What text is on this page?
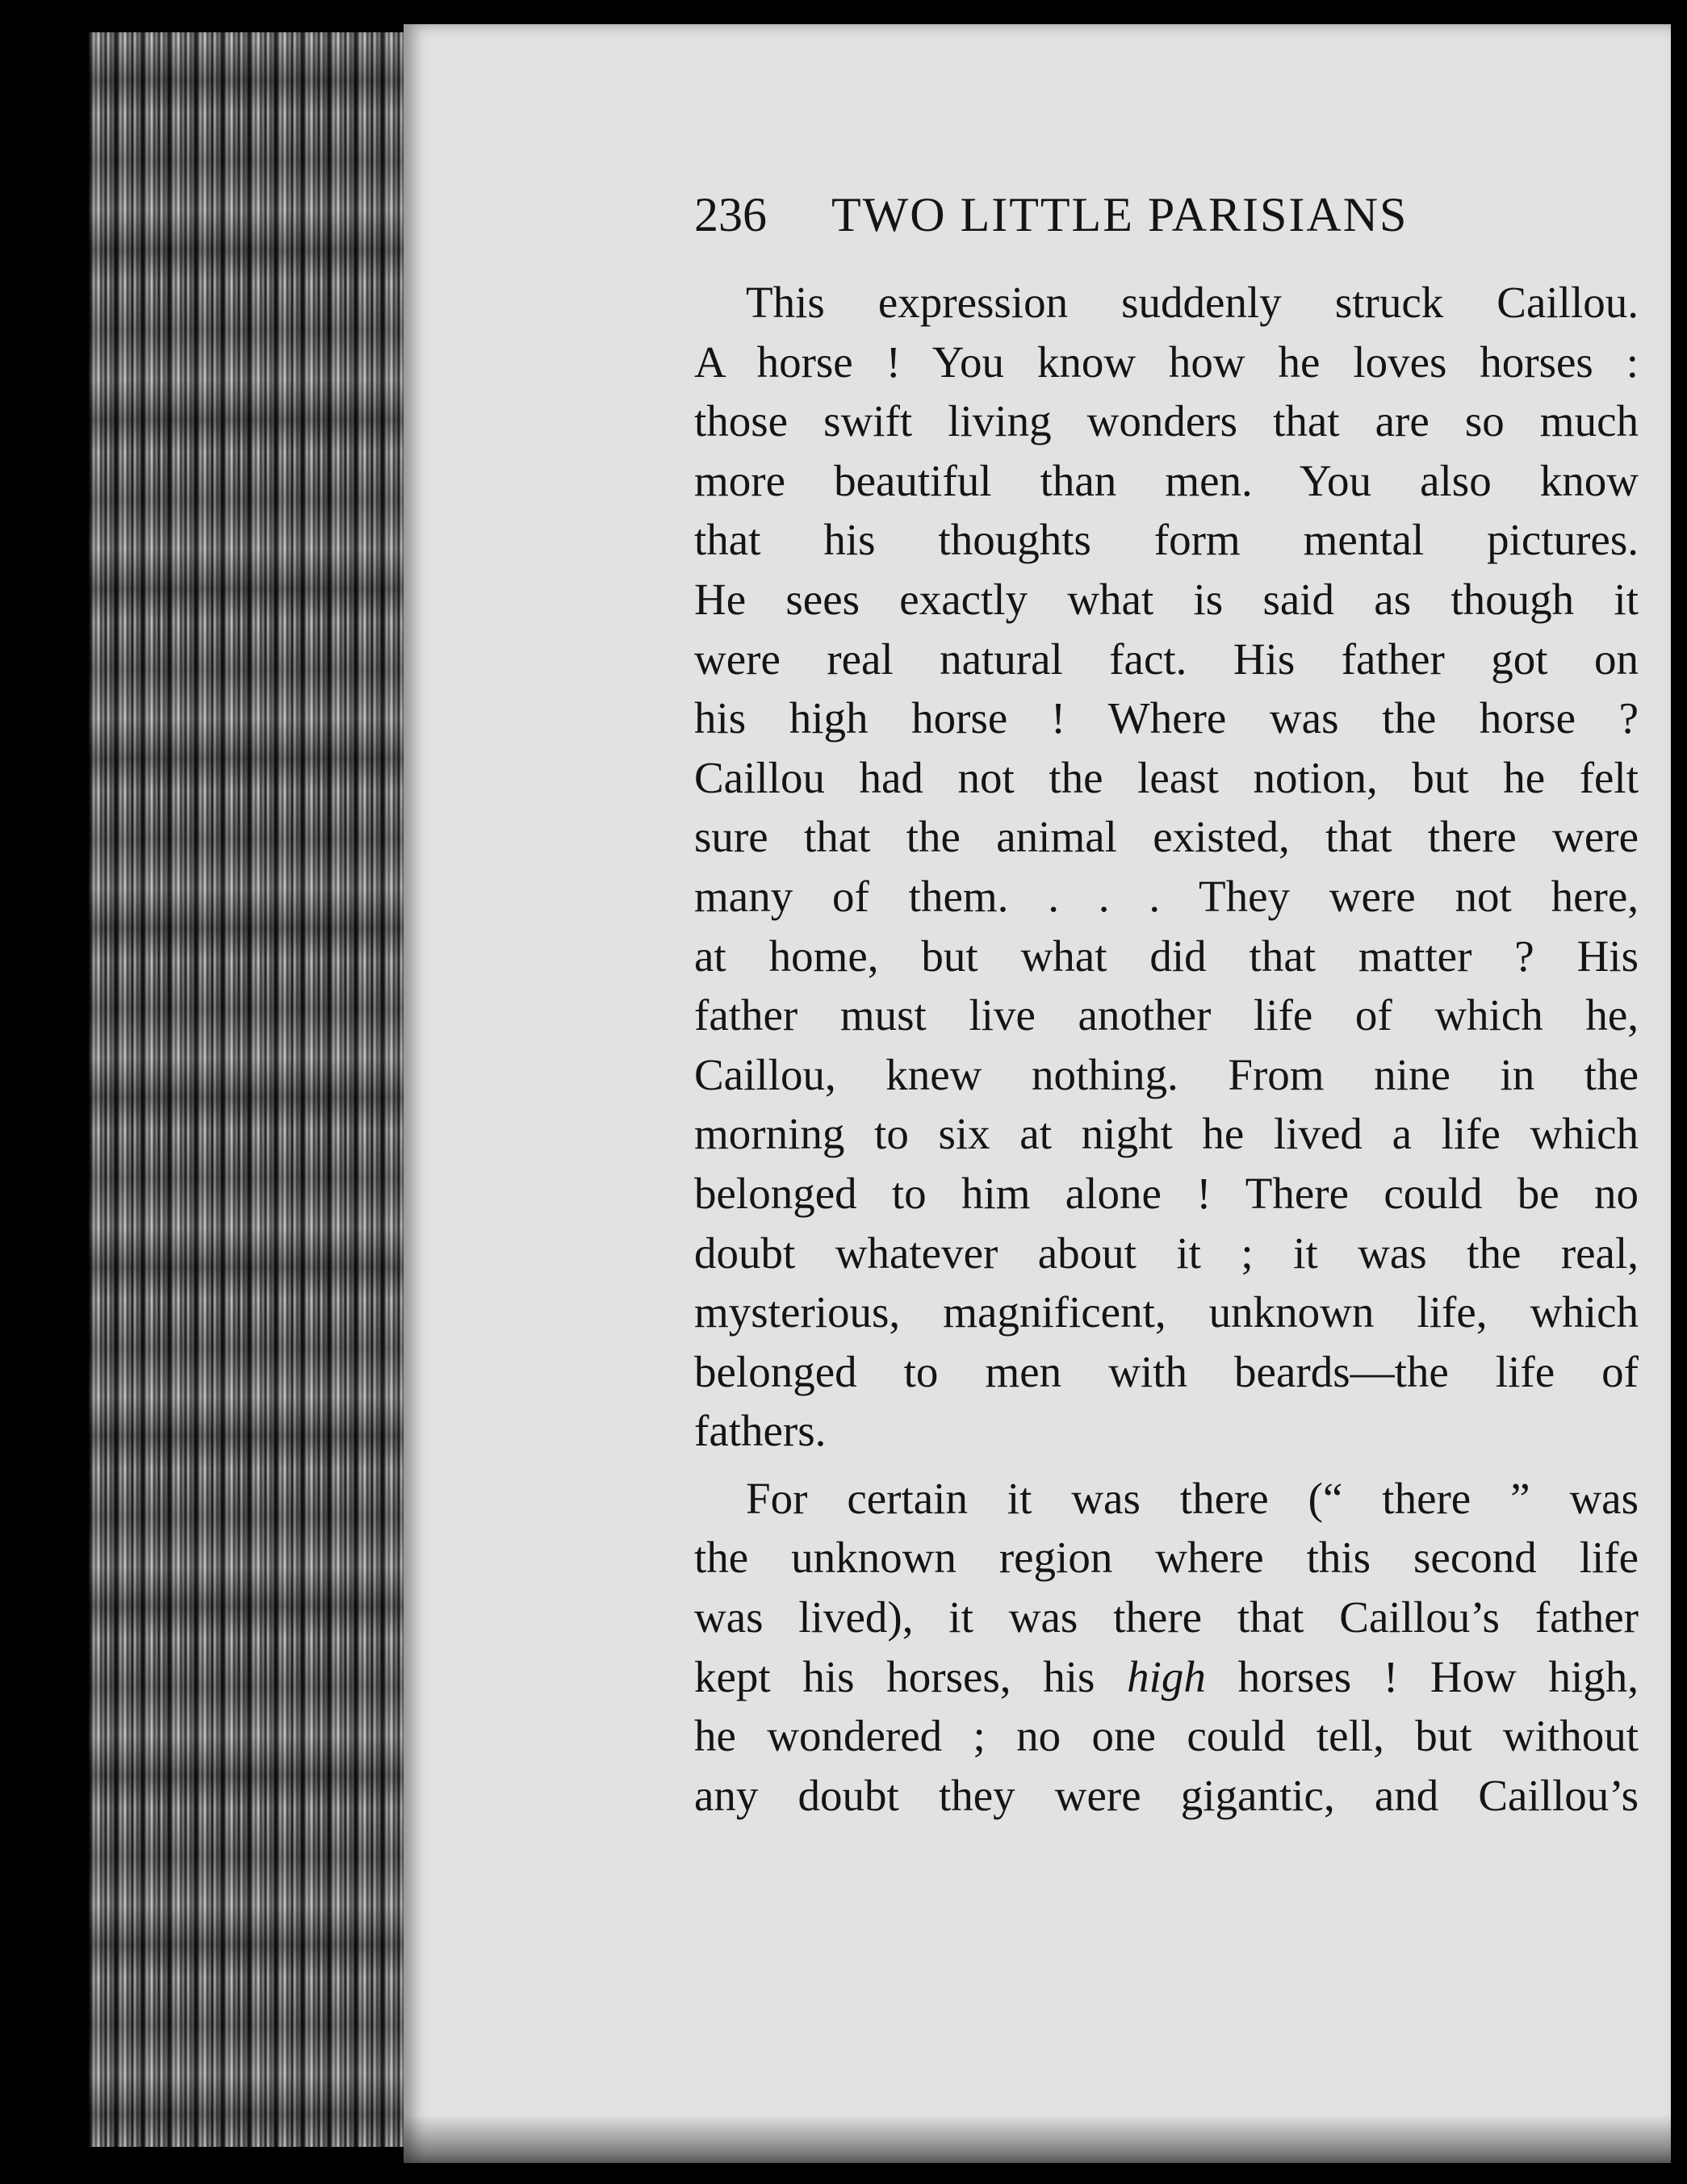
236 TWO LITTLE PARISIANS
This expression suddenly struck Caillou.
A horse ! You know how he loves horses :
those swift living wonders that are so much
more beautiful than men. You also know
that his thoughts form mental pictures.
He sees exactly what is said as though it
were real natural fact. His father got on
his high horse ! Where was the horse ?
Caillou had not the least notion, but he felt
sure that the animal existed, that there were
many of them. . . . They were not here,
at home, but what did that matter ? His
father must live another life of which he,
Caillou, knew nothing. From nine in the
morning to six at night he lived a life which
belonged to him alone ! There could be no
doubt whatever about it ; it was the real,
mysterious, magnificent, unknown life, which
belonged to men with beards—the life of
fathers.
For certain it was there (“ there ” was
the unknown region where this second life
was lived), it was there that Caillou’s father
kept his horses, his high horses ! How high,
he wondered ; no one could tell, but without
any doubt they were gigantic, and Caillou’s
